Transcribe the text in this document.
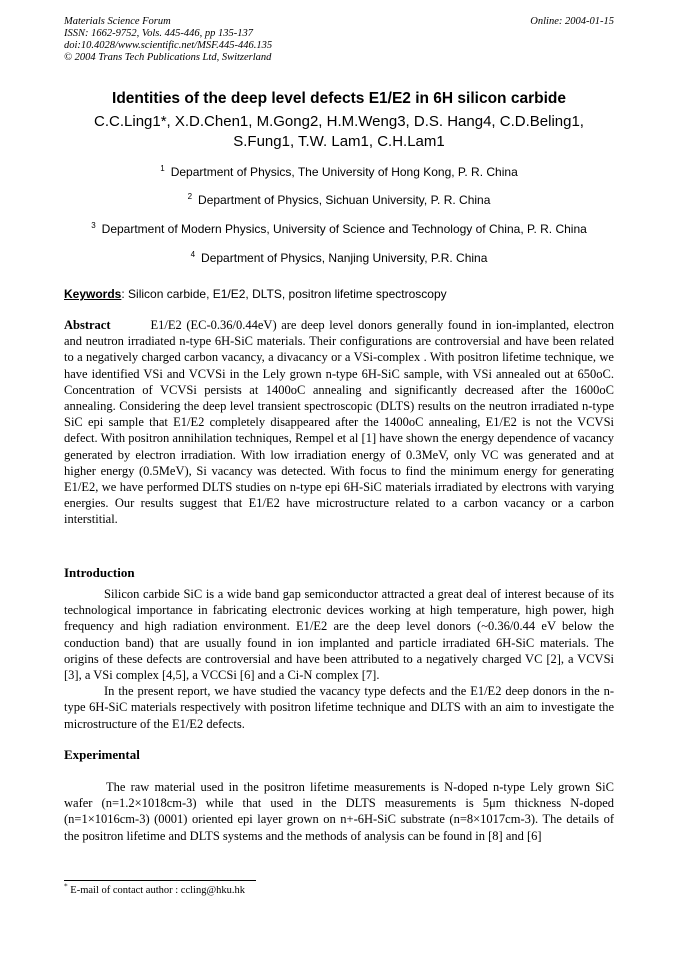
Materials Science Forum
ISSN: 1662-9752, Vols. 445-446, pp 135-137
doi:10.4028/www.scientific.net/MSF.445-446.135
© 2004 Trans Tech Publications Ltd, Switzerland
Online: 2004-01-15
Identities of the deep level defects E1/E2 in 6H silicon carbide
C.C.Ling1*, X.D.Chen1, M.Gong2, H.M.Weng3, D.S. Hang4, C.D.Beling1,
S.Fung1, T.W. Lam1, C.H.Lam1
$^1$ Department of Physics, The University of Hong Kong, P. R. China
$^2$ Department of Physics, Sichuan University, P. R. China
$^3$ Department of Modern Physics, University of Science and Technology of China, P. R. China
$^4$ Department of Physics, Nanjing University, P.R. China
Keywords: Silicon carbide, E1/E2, DLTS, positron lifetime spectroscopy
Abstract	E1/E2 (EC-0.36/0.44eV) are deep level donors generally found in ion-implanted, electron and neutron irradiated n-type 6H-SiC materials. Their configurations are controversial and have been related to a negatively charged carbon vacancy, a divacancy or a VSi-complex . With positron lifetime technique, we have identified VSi and VCVSi in the Lely grown n-type 6H-SiC sample, with VSi annealed out at 650oC. Concentration of VCVSi persists at 1400oC annealing and significantly decreased after the 1600oC annealing. Considering the deep level transient spectroscopic (DLTS) results on the neutron irradiated n-type SiC epi sample that E1/E2 completely disappeared after the 1400oC annealing, E1/E2 is not the VCVSi defect. With positron annihilation techniques, Rempel et al [1] have shown the energy dependence of vacancy generated by electron irradiation. With low irradiation energy of 0.3MeV, only VC was generated and at higher energy (0.5MeV), Si vacancy was detected. With focus to find the minimum energy for generating E1/E2, we have performed DLTS studies on n-type epi 6H-SiC materials irradiated by electrons with varying energies. Our results suggest that E1/E2 have microstructure related to a carbon vacancy or a carbon interstitial.
Introduction
Silicon carbide SiC is a wide band gap semiconductor attracted a great deal of interest because of its technological importance in fabricating electronic devices working at high temperature, high power, high frequency and high radiation environment. E1/E2 are the deep level donors (~0.36/0.44 eV below the conduction band) that are usually found in ion implanted and particle irradiated 6H-SiC materials. The origins of these defects are controversial and have been attributed to a negatively charged VC [2], a VCVSi [3], a VSi complex [4,5], a VCCSi [6] and a Ci-N complex [7].
In the present report, we have studied the vacancy type defects and the E1/E2 deep donors in the n-type 6H-SiC materials respectively with positron lifetime technique and DLTS with an aim to investigate the microstructure of the E1/E2 defects.
Experimental
The raw material used in the positron lifetime measurements is N-doped n-type Lely grown SiC wafer (n=1.2×1018cm-3) while that used in the DLTS measurements is 5μm thickness N-doped (n=1×1016cm-3) (0001) oriented epi layer grown on n+-6H-SiC substrate (n=8×1017cm-3). The details of the positron lifetime and DLTS systems and the methods of analysis can be found in [8] and [6]
* E-mail of contact author : ccling@hku.hk
